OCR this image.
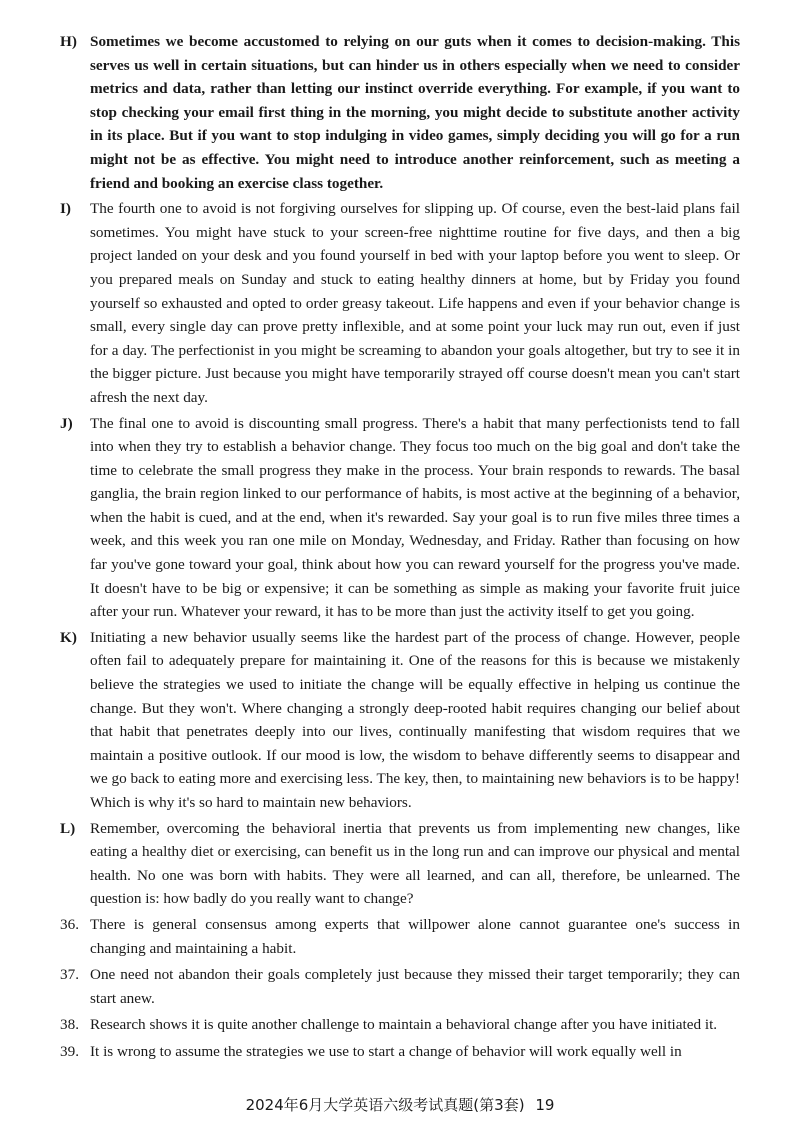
H) Sometimes we become accustomed to relying on our guts when it comes to decision-making. This serves us well in certain situations, but can hinder us in others especially when we need to consider metrics and data, rather than letting our instinct override everything. For example, if you want to stop checking your email first thing in the morning, you might decide to substitute another activity in its place. But if you want to stop indulging in video games, simply deciding you will go for a run might not be as effective. You might need to introduce another reinforcement, such as meeting a friend and booking an exercise class together.
I)	The fourth one to avoid is not forgiving ourselves for slipping up. Of course, even the best-laid plans fail sometimes. You might have stuck to your screen-free nighttime routine for five days, and then a big project landed on your desk and you found yourself in bed with your laptop before you went to sleep. Or you prepared meals on Sunday and stuck to eating healthy dinners at home, but by Friday you found yourself so exhausted and opted to order greasy takeout. Life happens and even if your behavior change is small, every single day can prove pretty inflexible, and at some point your luck may run out, even if just for a day. The perfectionist in you might be screaming to abandon your goals altogether, but try to see it in the bigger picture. Just because you might have temporarily strayed off course doesn't mean you can't start afresh the next day.
J)	The final one to avoid is discounting small progress. There's a habit that many perfectionists tend to fall into when they try to establish a behavior change. They focus too much on the big goal and don't take the time to celebrate the small progress they make in the process. Your brain responds to rewards. The basal ganglia, the brain region linked to our performance of habits, is most active at the beginning of a behavior, when the habit is cued, and at the end, when it's rewarded. Say your goal is to run five miles three times a week, and this week you ran one mile on Monday, Wednesday, and Friday. Rather than focusing on how far you've gone toward your goal, think about how you can reward yourself for the progress you've made. It doesn't have to be big or expensive; it can be something as simple as making your favorite fruit juice after your run. Whatever your reward, it has to be more than just the activity itself to get you going.
K) Initiating a new behavior usually seems like the hardest part of the process of change. However, people often fail to adequately prepare for maintaining it. One of the reasons for this is because we mistakenly believe the strategies we used to initiate the change will be equally effective in helping us continue the change. But they won't. Where changing a strongly deep-rooted habit requires changing our belief about that habit that penetrates deeply into our lives, continually manifesting that wisdom requires that we maintain a positive outlook. If our mood is low, the wisdom to behave differently seems to disappear and we go back to eating more and exercising less. The key, then, to maintaining new behaviors is to be happy! Which is why it's so hard to maintain new behaviors.
L) Remember, overcoming the behavioral inertia that prevents us from implementing new changes, like eating a healthy diet or exercising, can benefit us in the long run and can improve our physical and mental health. No one was born with habits. They were all learned, and can all, therefore, be unlearned. The question is: how badly do you really want to change?
36. There is general consensus among experts that willpower alone cannot guarantee one's success in changing and maintaining a habit.
37. One need not abandon their goals completely just because they missed their target temporarily; they can start anew.
38. Research shows it is quite another challenge to maintain a behavioral change after you have initiated it.
39. It is wrong to assume the strategies we use to start a change of behavior will work equally well in
2024年6月大学英语六级考试真题(第3套) 19
